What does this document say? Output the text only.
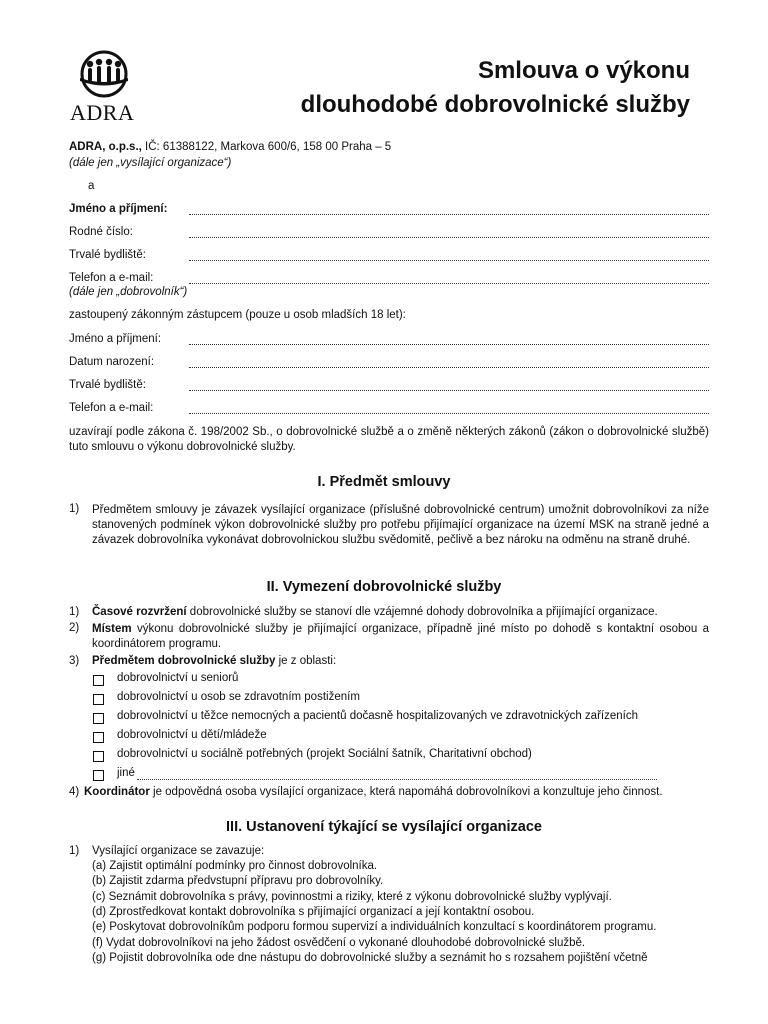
ADRA
Smlouva o výkonu
dlouhodobé dobrovolnické služby
ADRA, o.p.s., IČ: 61388122, Markova 600/6, 158 00 Praha – 5
(dále jen „vysílající organizace“)
a
Jméno a příjmení:
Rodné číslo:
Trvalé bydliště:
Telefon a e-mail:
(dále jen „dobrovolník“)
zastoupený zákonným zástupcem (pouze u osob mladších 18 let):
Jméno a příjmení:
Datum narození:
Trvalé bydliště:
Telefon a e-mail:
uzavírají podle zákona č. 198/2002 Sb., o dobrovolnické službě a o změně některých zákonů (zákon o dobrovolnické službě) tuto smlouvu o výkonu dobrovolnické služby.
I. Předmět smlouvy
1) Předmětem smlouvy je závazek vysílající organizace (příslušné dobrovolnické centrum) umožnit dobrovolníkovi za níže stanovených podmínek výkon dobrovolnické služby pro potřebu přijímající organizace na území MSK na straně jedné a závazek dobrovolníka vykonávat dobrovolnickou službu svědomitě, pečlivě a bez nároku na odměnu na straně druhé.
II. Vymezení dobrovolnické služby
1) Časové rozvržení dobrovolnické služby se stanoví dle vzájemné dohody dobrovolníka a přijímající organizace.
2) Místem výkonu dobrovolnické služby je přijímající organizace, případně jiné místo po dohodě s kontaktní osobou a koordinátorem programu.
3) Předmětem dobrovolnické služby je z oblasti:
dobrovolnictví u seniorů
dobrovolnictví u osob se zdravotním postižením
dobrovolnictví u těžce nemocných a pacientů dočasně hospitalizovaných ve zdravotnických zařízeních
dobrovolnictví u dětí/mládeže
dobrovolnictví u sociálně potřebných (projekt Sociální šatník, Charitativní obchod)
jiné
4) Koordinátor je odpovědná osoba vysílající organizace, která napomáhá dobrovolníkovi a konzultuje jeho činnost.
III. Ustanovení týkající se vysílající organizace
1) Vysílající organizace se zavazuje:
(a) Zajistit optimální podmínky pro činnost dobrovolníka.
(b) Zajistit zdarma předvstupní přípravu pro dobrovolníky.
(c) Seznámit dobrovolníka s právy, povinnostmi a riziky, které z výkonu dobrovolnické služby vyplývají.
(d) Zprostředkovat kontakt dobrovolníka s přijímající organizací a její kontaktní osobou.
(e) Poskytovat dobrovolníkům podporu formou supervizí a individuálních konzultací s koordinátorem programu.
(f) Vydat dobrovolníkovi na jeho žádost osvědčení o vykonané dlouhodobé dobrovolnické službě.
(g) Pojistit dobrovolníka ode dne nástupu do dobrovolnické služby a seznámit ho s rozsahem pojištění včetně
